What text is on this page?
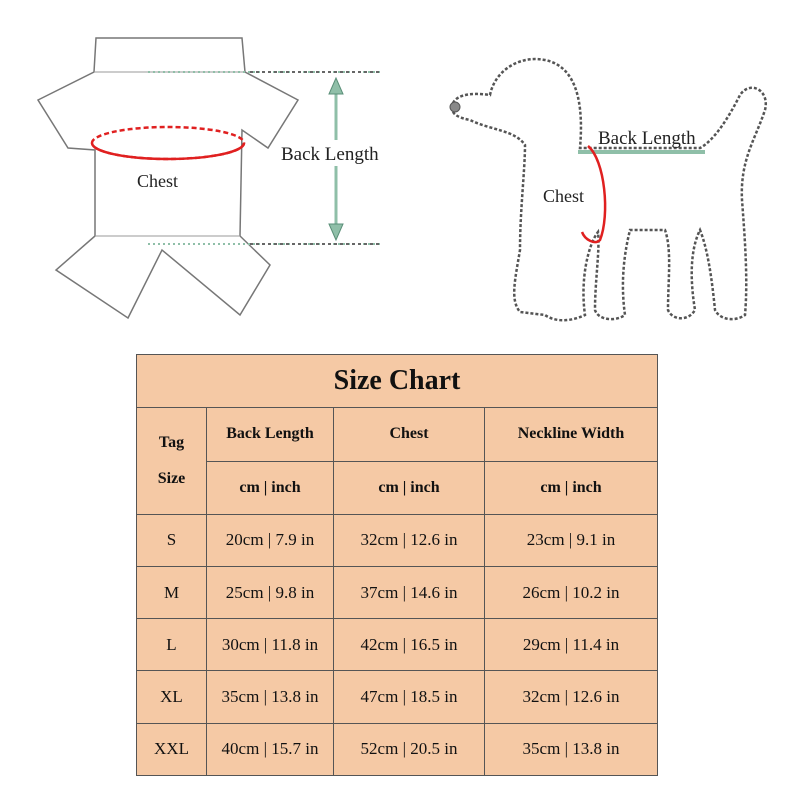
Back Length
Chest
Back Length
Chest
Size Chart			
Tag
Size	Back Length	Chest	Neckline Width
	cm | inch	cm | inch	cm | inch
S	20cm | 7.9 in	32cm | 12.6 in	23cm | 9.1 in
M	25cm | 9.8 in	37cm | 14.6 in	26cm | 10.2 in
L	30cm | 11.8 in	42cm | 16.5 in	29cm | 11.4 in
XL	35cm | 13.8 in	47cm | 18.5 in	32cm | 12.6 in
XXL	40cm | 15.7 in	52cm | 20.5 in	35cm | 13.8 in
